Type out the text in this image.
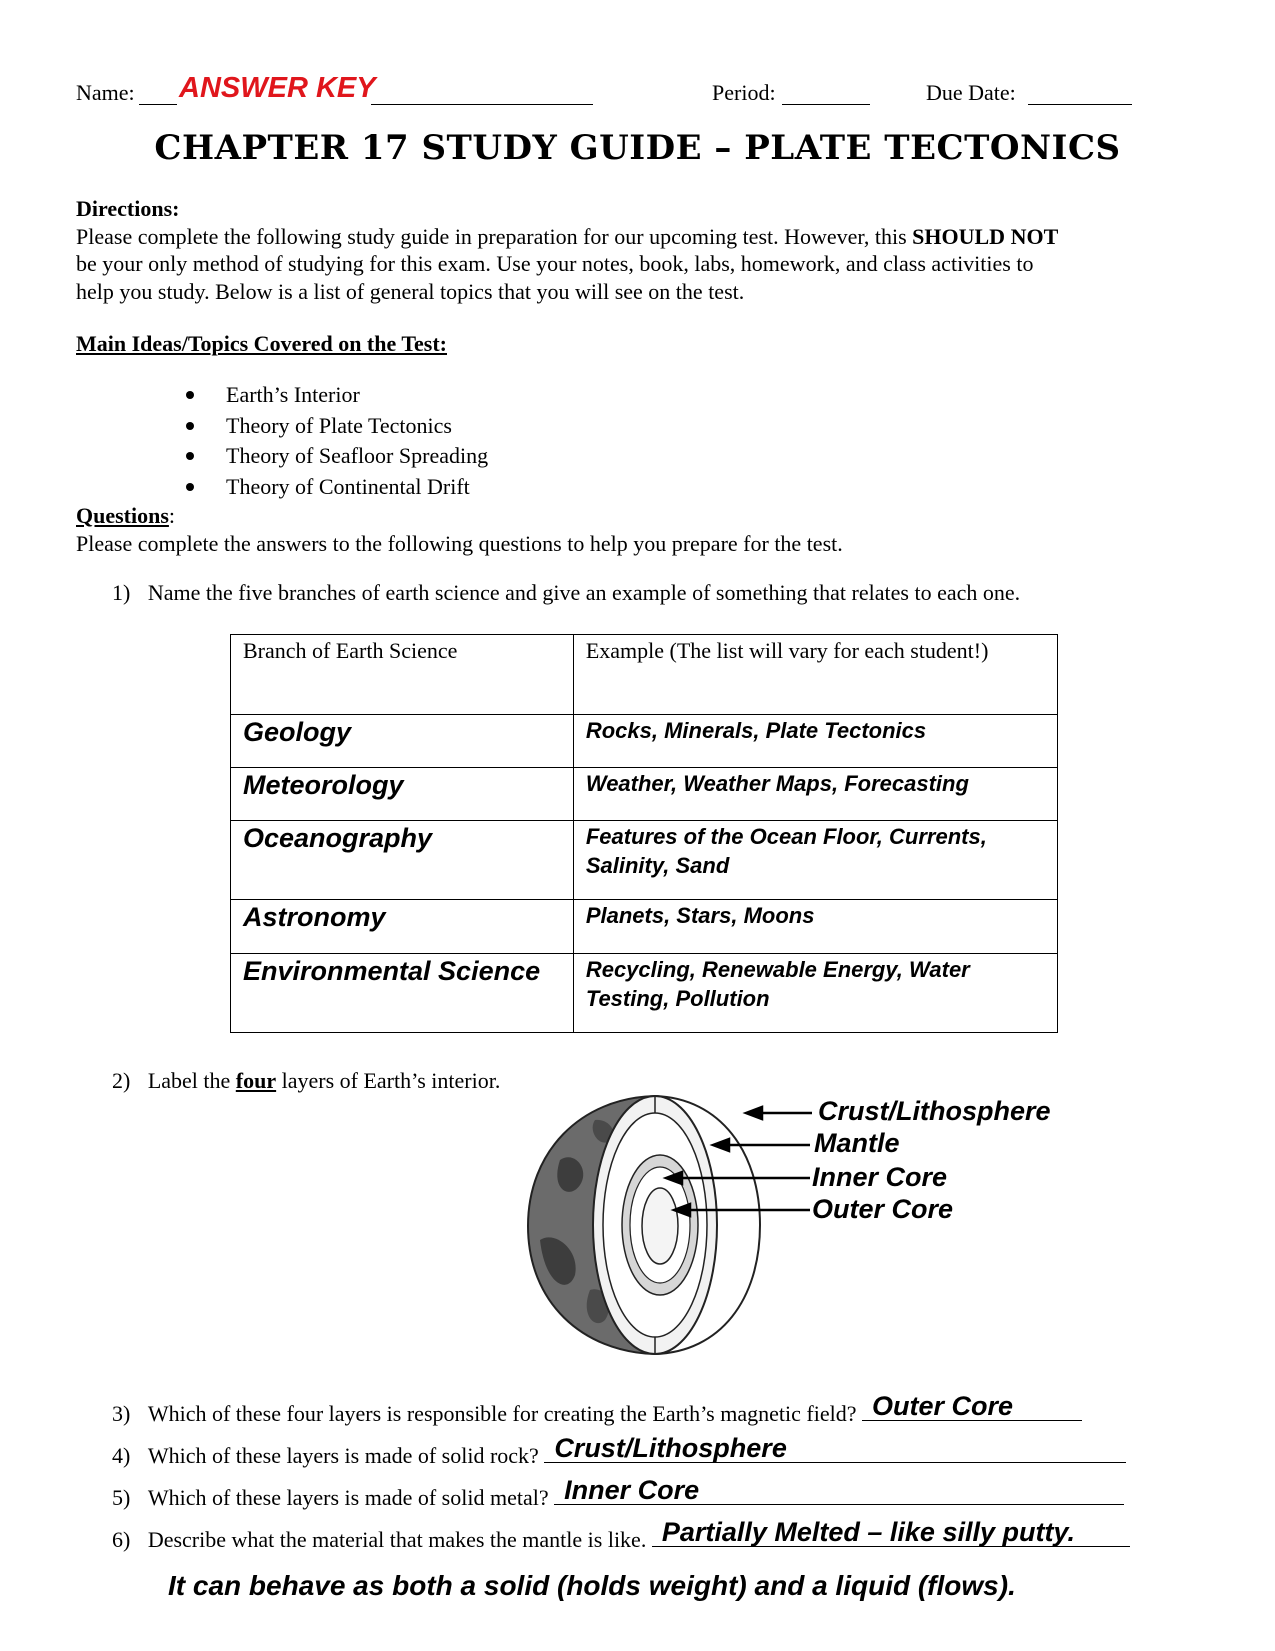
Name: ANSWER KEY	Period:	Due Date:
CHAPTER 17 STUDY GUIDE – PLATE TECTONICS

Directions:

Please complete the following study guide in preparation for our upcoming test. However, this SHOULD NOT

be your only method of studying for this exam. Use your notes, book, labs, homework, and class activities to

help you study. Below is a list of general topics that you will see on the test.

Main Ideas/Topics Covered on the Test:
Earth’s Interior
Theory of Plate Tectonics
Theory of Seafloor Spreading
Theory of Continental Drift
Questions:
Please complete the answers to the following questions to help you prepare for the test.
1) Name the five branches of earth science and give an example of something that relates to each one.
Branch of Earth Science	Example (The list will vary for each student!)
Geology	Rocks, Minerals, Plate Tectonics
Meteorology	Weather, Weather Maps, Forecasting
Oceanography	Features of the Ocean Floor, Currents, Salinity, Sand
Astronomy	Planets, Stars, Moons
Environmental Science	Recycling, Renewable Energy, Water Testing, Pollution
2) Label the four layers of Earth’s interior.
Crust/Lithosphere
Mantle
Inner Core
Outer Core
3) Which of these four layers is responsible for creating the Earth’s magnetic field? Outer Core
4) Which of these layers is made of solid rock? Crust/Lithosphere
5) Which of these layers is made of solid metal? Inner Core
6) Describe what the material that makes the mantle is like. Partially Melted – like silly putty.
It can behave as both a solid (holds weight) and a liquid (flows).
